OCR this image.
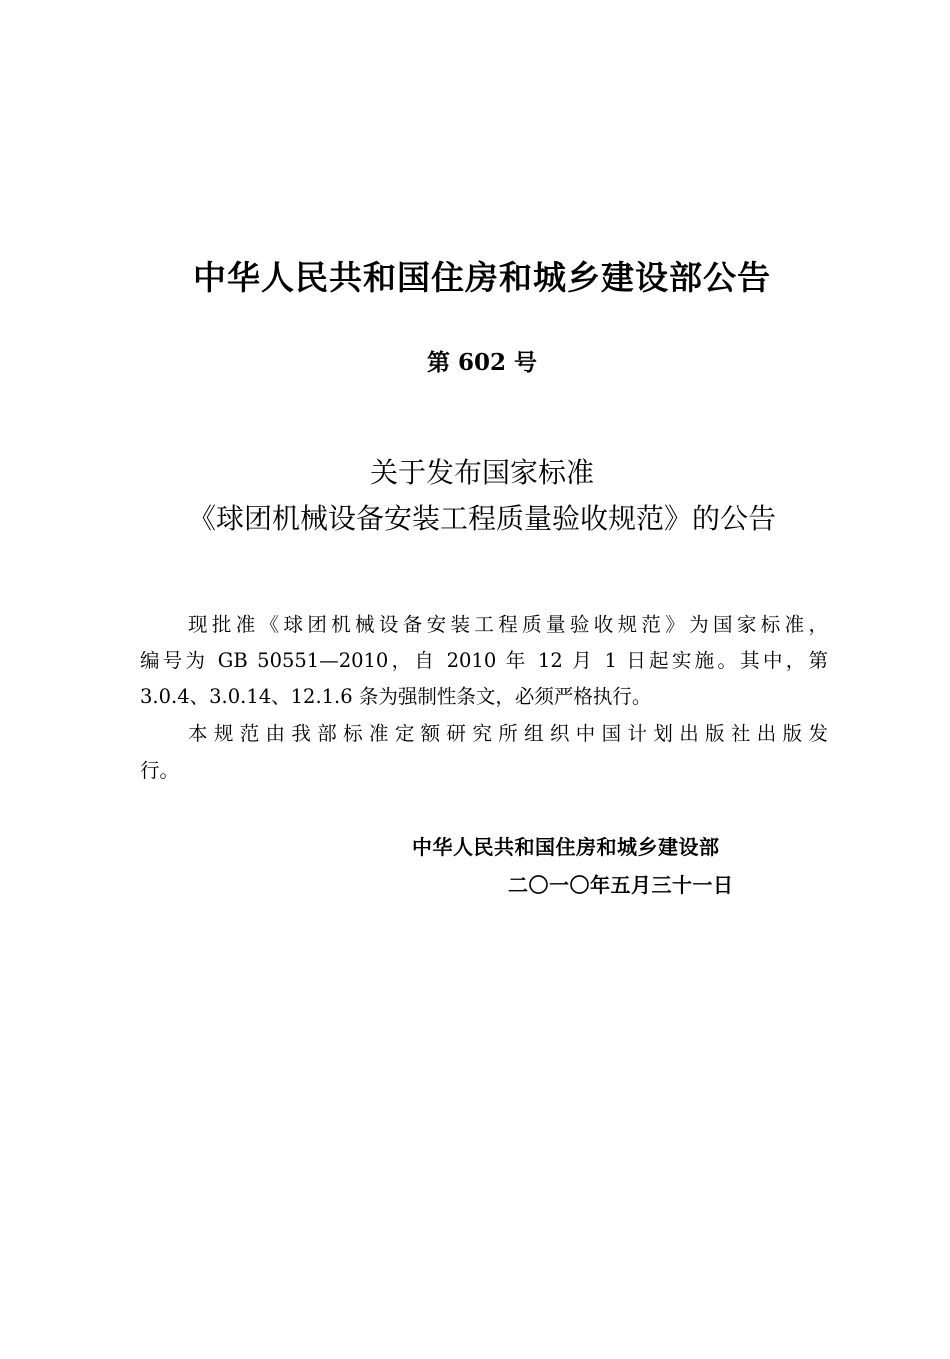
中华人民共和国住房和城乡建设部公告
第 602 号
关于发布国家标准
《球团机械设备安装工程质量验收规范》的公告
现批准《球团机械设备安装工程质量验收规范》为国家标准，
编号为 GB 50551—2010，自 2010 年 12 月 1 日起实施。其中，第
3.0.4、3.0.14、12.1.6 条为强制性条文，必须严格执行。
本规范由我部标准定额研究所组织中国计划出版社出版发
行。
中华人民共和国住房和城乡建设部
二〇一〇年五月三十一日
